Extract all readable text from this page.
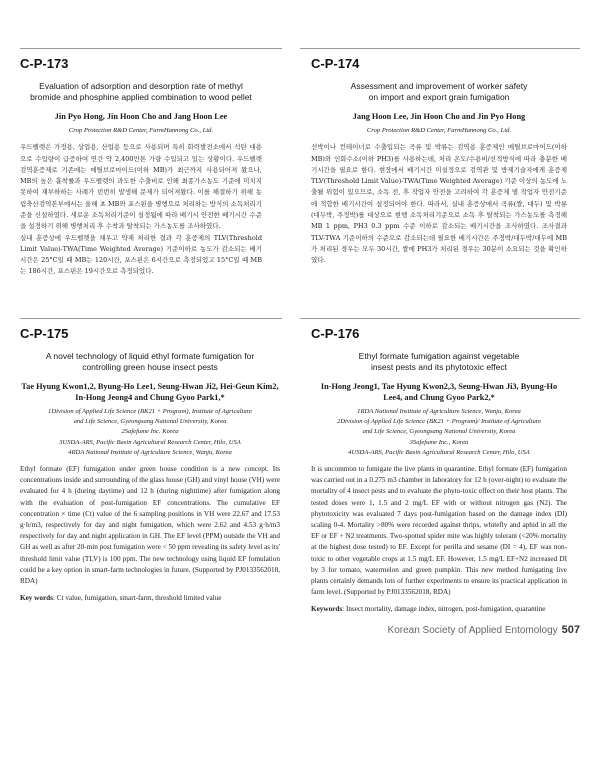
C-P-173
Evaluation of adsorption and desorption rate of methyl
bromide and phosphine applied combination to wood pellet
Jin Pyo Hong, Jin Hoon Cho and Jang Hoon Lee
Crop Protection R&D Center, FarmHannong Co., Ltd.
우드펠렛은 가정용, 상업용, 산업용 등으로 사용되며 특히 화력발전소에서 석탄 대용으로 수입량이 급증하여 연간 약 2,400만톤 가량 수입되고 있는 상황이다. 우드펠렛 검역훈증제로 기존에는 메틸브로마이드(이하 MB)가 최근까지 사용되어져 왔으나, MB의 높은 흡착률과 우드펠렛의 과도한 수출비로 인해 최종가스농도 기준에 미치지 못하여 재부하하는 사례가 빈번히 발생해 문제가 되어져왔다. 이를 해결하기 위해 농림축산검역본부에서는 올해 초 MB와 포스핀을 병행으로 처리하는 방식의 소독처리기준을 신설하였다. 새로운 소독처리기준이 설정됨에 따라 배기시 안전한 배기시간 수준을 설정하기 위해 병행처리 후 수착과 탈착되는 가스농도를 조사하였다.
실내 훈증상에 우드펠렛을 채우고 약재 처리한 결과 각 훈증제의 TLV(Threshold Limit Value)-TWA(Time Weighted Average) 기준이하로 농도가 감소되는 배기시간은 25°C일 때 MB는 120시간, 포스핀은 6시간으로 측정되었고 15°C일 때 MB는 186시간, 포스핀은 19시간으로 측정되었다.
C-P-174
Assessment and improvement of worker safety
on import and export grain fumigation
Jang Hoon Lee, Jin Hoon Cho and Jin Pyo Hong
Crop Protection R&D Center, FarmHannong Co., Ltd.
선박이나 컨테이너로 수출입되는 곡류 및 박류는 검역용 훈증제인 메틸브로마이드(이하 MB)와 인화수소(이하 PH3)를 사용하는데, 처리 온도/수용비/선적방식에 따라 충분한 배기시간을 필요로 한다. 현장에서 배기시간 미설정으로 검역관 및 방제기술자에게 훈증제 TLV(Threshold Limit Value)-TWA(Time Weighted Average) 기준 이상의 농도에 노출될 위험이 있으므로, 소독 전, 후 작업자 안전을 고려하여 각 훈증제 별 작업자 안전기준에 적합한 배기시간이 설정되어야 한다. 따라서, 실내 훈증상에서 곡류(쌀, 대두) 및 박류(대두박, 주정박)를 대상으로 현행 소독처리기준으로 소독 후 탈착되는 가스농도를 측정해 MB 1 ppm, PH3 0.3 ppm 수준 이하로 감소되는 배기시간을 조사하였다. 조사결과 TLV-TWA 기준이하의 수준으로 감소되는데 필요한 배기시간은 주정박/대두박/대두에 MB가 처리된 경우는 모두 30시간, 쌀에 PH3가 처리된 경우는 30분이 소요되는 것을 확인하였다.
C-P-175
A novel technology of liquid ethyl formate fumigation for
controlling green house insect pests
Tae Hyung Kwon1,2, Byung-Ho Lee1, Seung-Hwan Ji2, Hei-Geun Kim2, In-Hong Jeong4 and Chung Gyoo Park1,*
1Division of Applied Life Science (BK21 + Program), Institute of Agriculture
and Life Science, Gyeongsang National University, Korea
2Safefume Inc. Korea
3USDA-ARS, Pacific Basin Agricultural Research Center, Hilo, USA
4RDA National Institute of Agriculture Science, Wanju, Korea
Ethyl formate (EF) fumigation under green house condition is a new concept. Its concentrations inside and surrounding of the glass house (GH) and vinyl house (VH) were evaluated for 4 h (during daytime) and 12 h (during nighttime) after fumigation along with the evaluation of post-fumigation EF concentrations. The cumulative EF concentration × time (Ct) value of the 6 sampling positions in VH were 22.67 and 17.53 g·h/m3, respectively for day and night fumigation, which were 2.62 and 4.53 g·h/m3 respectively for day and night application in GH. The EF level (PPM) outside the VH and GH as well as after 20-min post fumigation were < 50 ppm revealing its safety level as its' threshold limit value (TLV) is 100 ppm. The new technology using liquid EF fomulation could be a key option in smart-farm technologies in future. (Supported by PJ0133562018, RDA)
Key words: Ct value, fumigation, smart-farm, threshold limited value
C-P-176
Ethyl formate fumigation against vegetable
insest pests and its phytotoxic effect
In-Hong Jeong1, Tae Hyung Kwon2,3, Seung-Hwan Ji3, Byung-Ho Lee4, and Chung Gyoo Park2,*
1RDA National Institute of Agriculture Science, Wanju, Korea
2Division of Applied Life Science (BK21 + Program)/ Institute of Agriculture
and Life Science, Gyeongsang National University, Korea
3Safefume Inc., Korea
4USDA-ARS, Pacific Basin Agricultural Research Center, Hilo, USA
It is uncommon to fumigate the live plants in quarantine. Ethyl formate (EF) fumigation was carried out in a 0.275 m3 chamber in laboratory for 12 h (over-night) to evaluate the mortality of 4 insect pests and to evaluate the phyto-toxic effect on their host plants. The tested doses were 1, 1.5 and 2 mg/L EF with or without nitrogen gas (N2). The phytotoxicity was evaluated 7 days post-fumigation based on the damage index (DI) scaling 0-4. Mortality >80% were recorded against thrips, whitefly and aphid in all the EF or EF + N2 treatments. Two-spotted spider mite was highly tolerant (<20% mortality at the highest dose tested) to EF. Except for perilla and sesame (DI = 4), EF was non-toxic to other vegetable crops at 1.5 mg/L EF. However, 1.5 mg/L EF+N2 increased DI by 3 for tomato, watermelon and green pumpkin. This new method fumigating live plants certainly demands lots of further experiments to ensure its practical application in farm level. (Supported by PJ0133562018, RDA)
Keywords: Insect mortality, damage index, nitrogen, post-fumigation, quarantine
Korean Society of Applied Entomology 507
